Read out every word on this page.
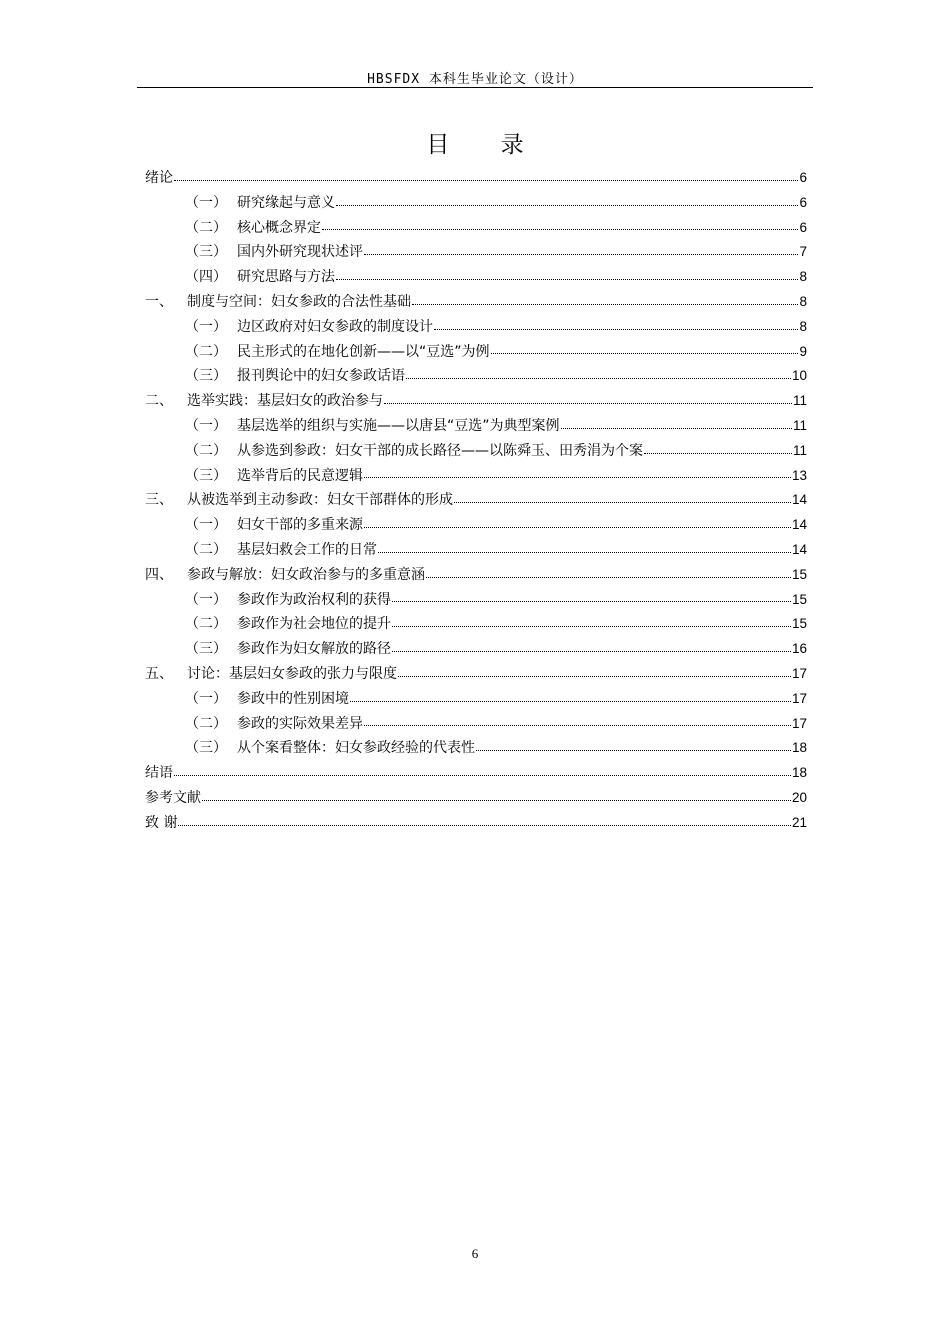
HBSFDX 本科生毕业论文（设计）
目 录
绪论	6
（一） 研究缘起与意义	6
（二） 核心概念界定	6
（三） 国内外研究现状述评	7
（四） 研究思路与方法	8
一、	制度与空间：妇女参政的合法性基础	8
（一） 边区政府对妇女参政的制度设计	8
（二） 民主形式的在地化创新——以“豆选”为例	9
（三） 报刊舆论中的妇女参政话语	10
二、	选举实践：基层妇女的政治参与	11
（一） 基层选举的组织与实施——以唐县“豆选”为典型案例	11
（二） 从参选到参政：妇女干部的成长路径——以陈舜玉、田秀涓为个案	11
（三） 选举背后的民意逻辑	13
三、	从被选举到主动参政：妇女干部群体的形成	14
（一） 妇女干部的多重来源	14
（二） 基层妇救会工作的日常	14
四、	参政与解放：妇女政治参与的多重意涵	15
（一） 参政作为政治权利的获得	15
（二） 参政作为社会地位的提升	15
（三） 参政作为妇女解放的路径	16
五、	讨论：基层妇女参政的张力与限度	17
（一） 参政中的性别困境	17
（二） 参政的实际效果差异	17
（三） 从个案看整体：妇女参政经验的代表性	18
结语	18
参考文献	20
致 谢	21
6
